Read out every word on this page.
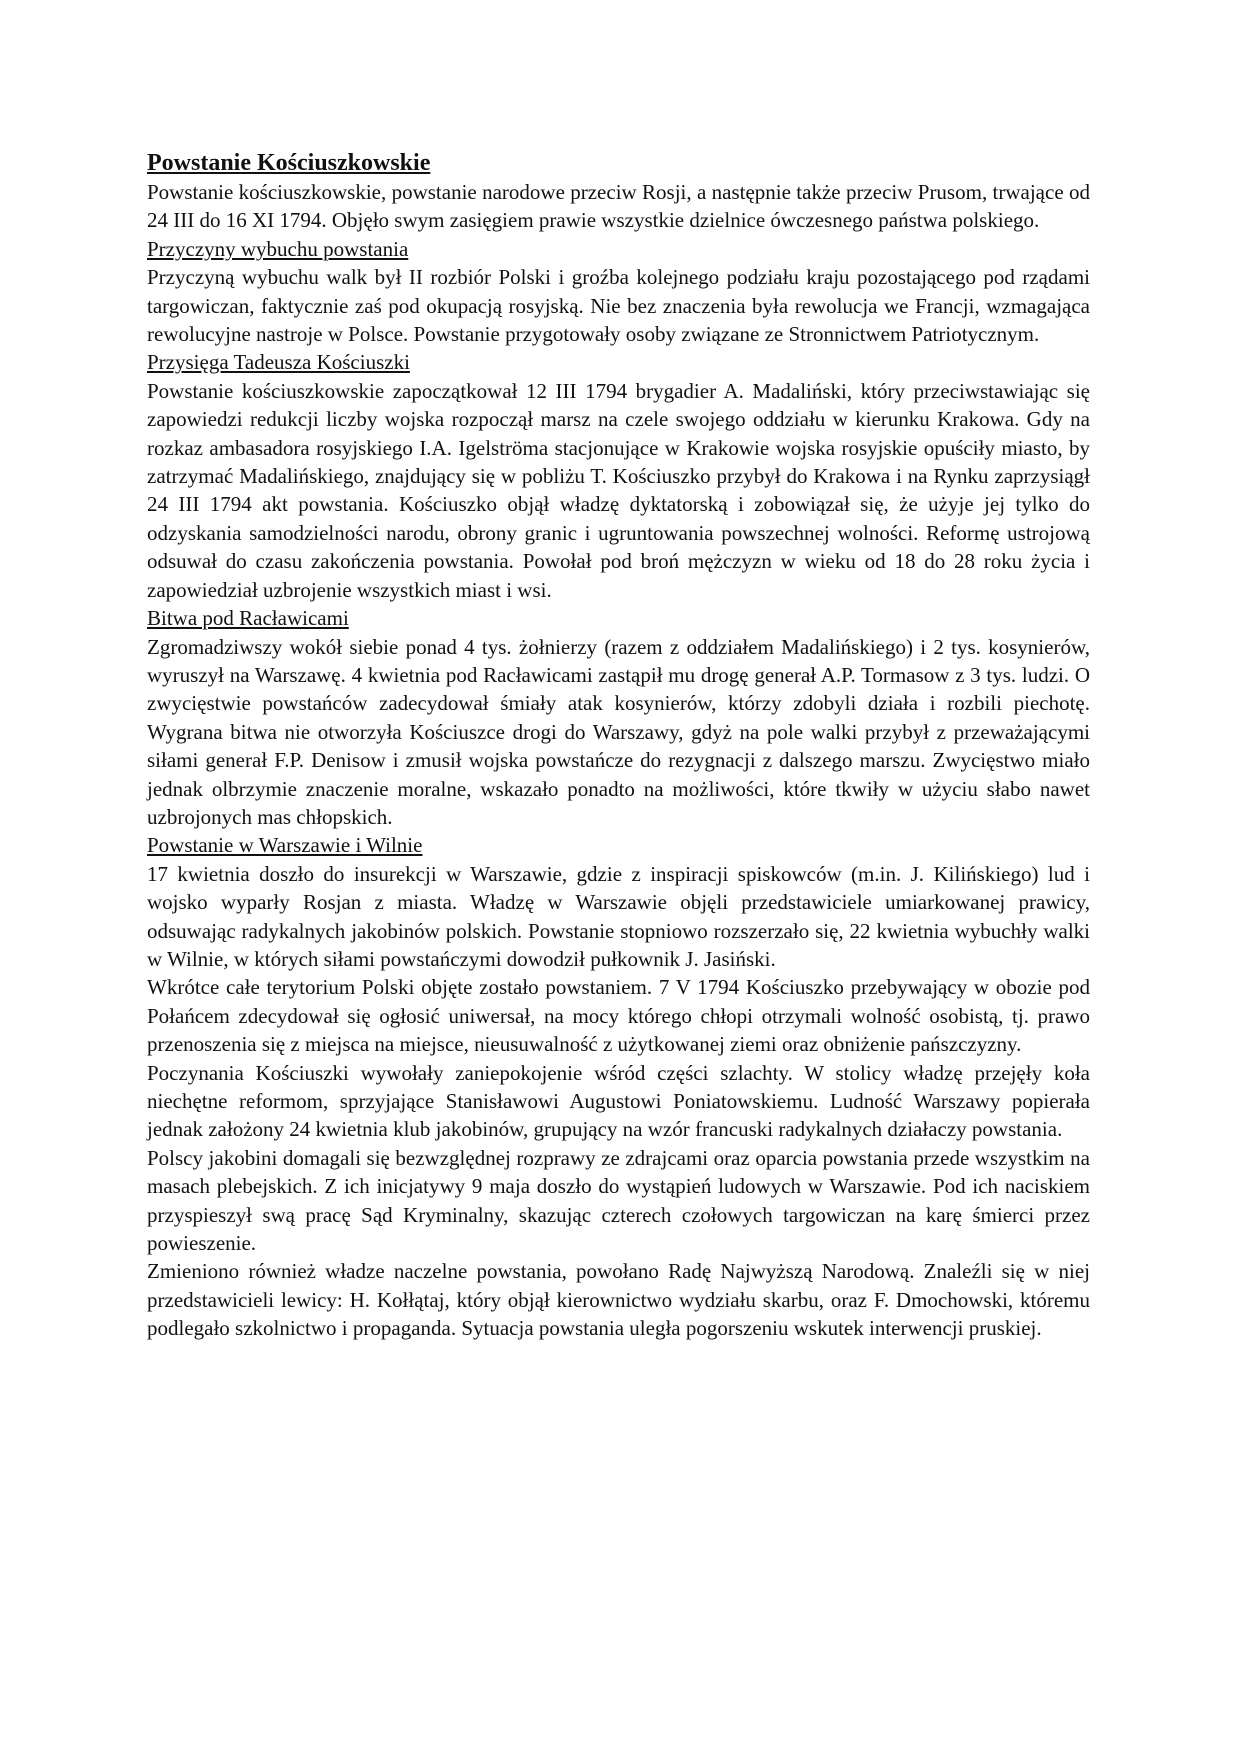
Powstanie Kościuszkowskie

Powstanie kościuszkowskie, powstanie narodowe przeciw Rosji, a następnie także przeciw Prusom, trwające od 24 III do 16 XI 1794. Objęło swym zasięgiem prawie wszystkie dzielnice ówczesnego państwa polskiego.

Przyczyny wybuchu powstania

Przyczyną wybuchu walk był II rozbiór Polski i groźba kolejnego podziału kraju pozostającego pod rządami targowiczan, faktycznie zaś pod okupacją rosyjską. Nie bez znaczenia była rewolucja we Francji, wzmagająca rewolucyjne nastroje w Polsce. Powstanie przygotowały osoby związane ze Stronnictwem Patriotycznym.

Przysięga Tadeusza Kościuszki

Powstanie kościuszkowskie zapoczątkował 12 III 1794 brygadier A. Madaliński, który przeciwstawiając się zapowiedzi redukcji liczby wojska rozpoczął marsz na czele swojego oddziału w kierunku Krakowa. Gdy na rozkaz ambasadora rosyjskiego I.A. Igelströma stacjonujące w Krakowie wojska rosyjskie opuściły miasto, by zatrzymać Madalińskiego, znajdujący się w pobliżu T. Kościuszko przybył do Krakowa i na Rynku zaprzysiągł 24 III 1794 akt powstania. Kościuszko objął władzę dyktatorską i zobowiązał się, że użyje jej tylko do odzyskania samodzielności narodu, obrony granic i ugruntowania powszechnej wolności. Reformę ustrojową odsuwał do czasu zakończenia powstania. Powołał pod broń mężczyzn w wieku od 18 do 28 roku życia i zapowiedział uzbrojenie wszystkich miast i wsi.

Bitwa pod Racławicami

Zgromadziwszy wokół siebie ponad 4 tys. żołnierzy (razem z oddziałem Madalińskiego) i 2 tys. kosynierów, wyruszył na Warszawę. 4 kwietnia pod Racławicami zastąpił mu drogę generał A.P. Tormasow z 3 tys. ludzi. O zwycięstwie powstańców zadecydował śmiały atak kosynierów, którzy zdobyli działa i rozbili piechotę. Wygrana bitwa nie otworzyła Kościuszce drogi do Warszawy, gdyż na pole walki przybył z przeważającymi siłami generał F.P. Denisow i zmusił wojska powstańcze do rezygnacji z dalszego marszu. Zwycięstwo miało jednak olbrzymie znaczenie moralne, wskazało ponadto na możliwości, które tkwiły w użyciu słabo nawet uzbrojonych mas chłopskich.

Powstanie w Warszawie i Wilnie

17 kwietnia doszło do insurekcji w Warszawie, gdzie z inspiracji spiskowców (m.in. J. Kilińskiego) lud i wojsko wyparły Rosjan z miasta. Władzę w Warszawie objęli przedstawiciele umiarkowanej prawicy, odsuwając radykalnych jakobinów polskich. Powstanie stopniowo rozszerzało się, 22 kwietnia wybuchły walki w Wilnie, w których siłami powstańczymi dowodził pułkownik J. Jasiński.

Wkrótce całe terytorium Polski objęte zostało powstaniem. 7 V 1794 Kościuszko przebywający w obozie pod Połańcem zdecydował się ogłosić uniwersał, na mocy którego chłopi otrzymali wolność osobistą, tj. prawo przenoszenia się z miejsca na miejsce, nieusuwalność z użytkowanej ziemi oraz obniżenie pańszczyzny.

Poczynania Kościuszki wywołały zaniepokojenie wśród części szlachty. W stolicy władzę przejęły koła niechętne reformom, sprzyjające Stanisławowi Augustowi Poniatowskiemu. Ludność Warszawy popierała jednak założony 24 kwietnia klub jakobinów, grupujący na wzór francuski radykalnych działaczy powstania.

Polscy jakobini domagali się bezwzględnej rozprawy ze zdrajcami oraz oparcia powstania przede wszystkim na masach plebejskich. Z ich inicjatywy 9 maja doszło do wystąpień ludowych w Warszawie. Pod ich naciskiem przyspieszył swą pracę Sąd Kryminalny, skazując czterech czołowych targowiczan na karę śmierci przez powieszenie.

Zmieniono również władze naczelne powstania, powołano Radę Najwyższą Narodową. Znaleźli się w niej przedstawicieli lewicy: H. Kołłątaj, który objął kierownictwo wydziału skarbu, oraz F. Dmochowski, któremu podlegało szkolnictwo i propaganda. Sytuacja powstania uległa pogorszeniu wskutek interwencji pruskiej.
